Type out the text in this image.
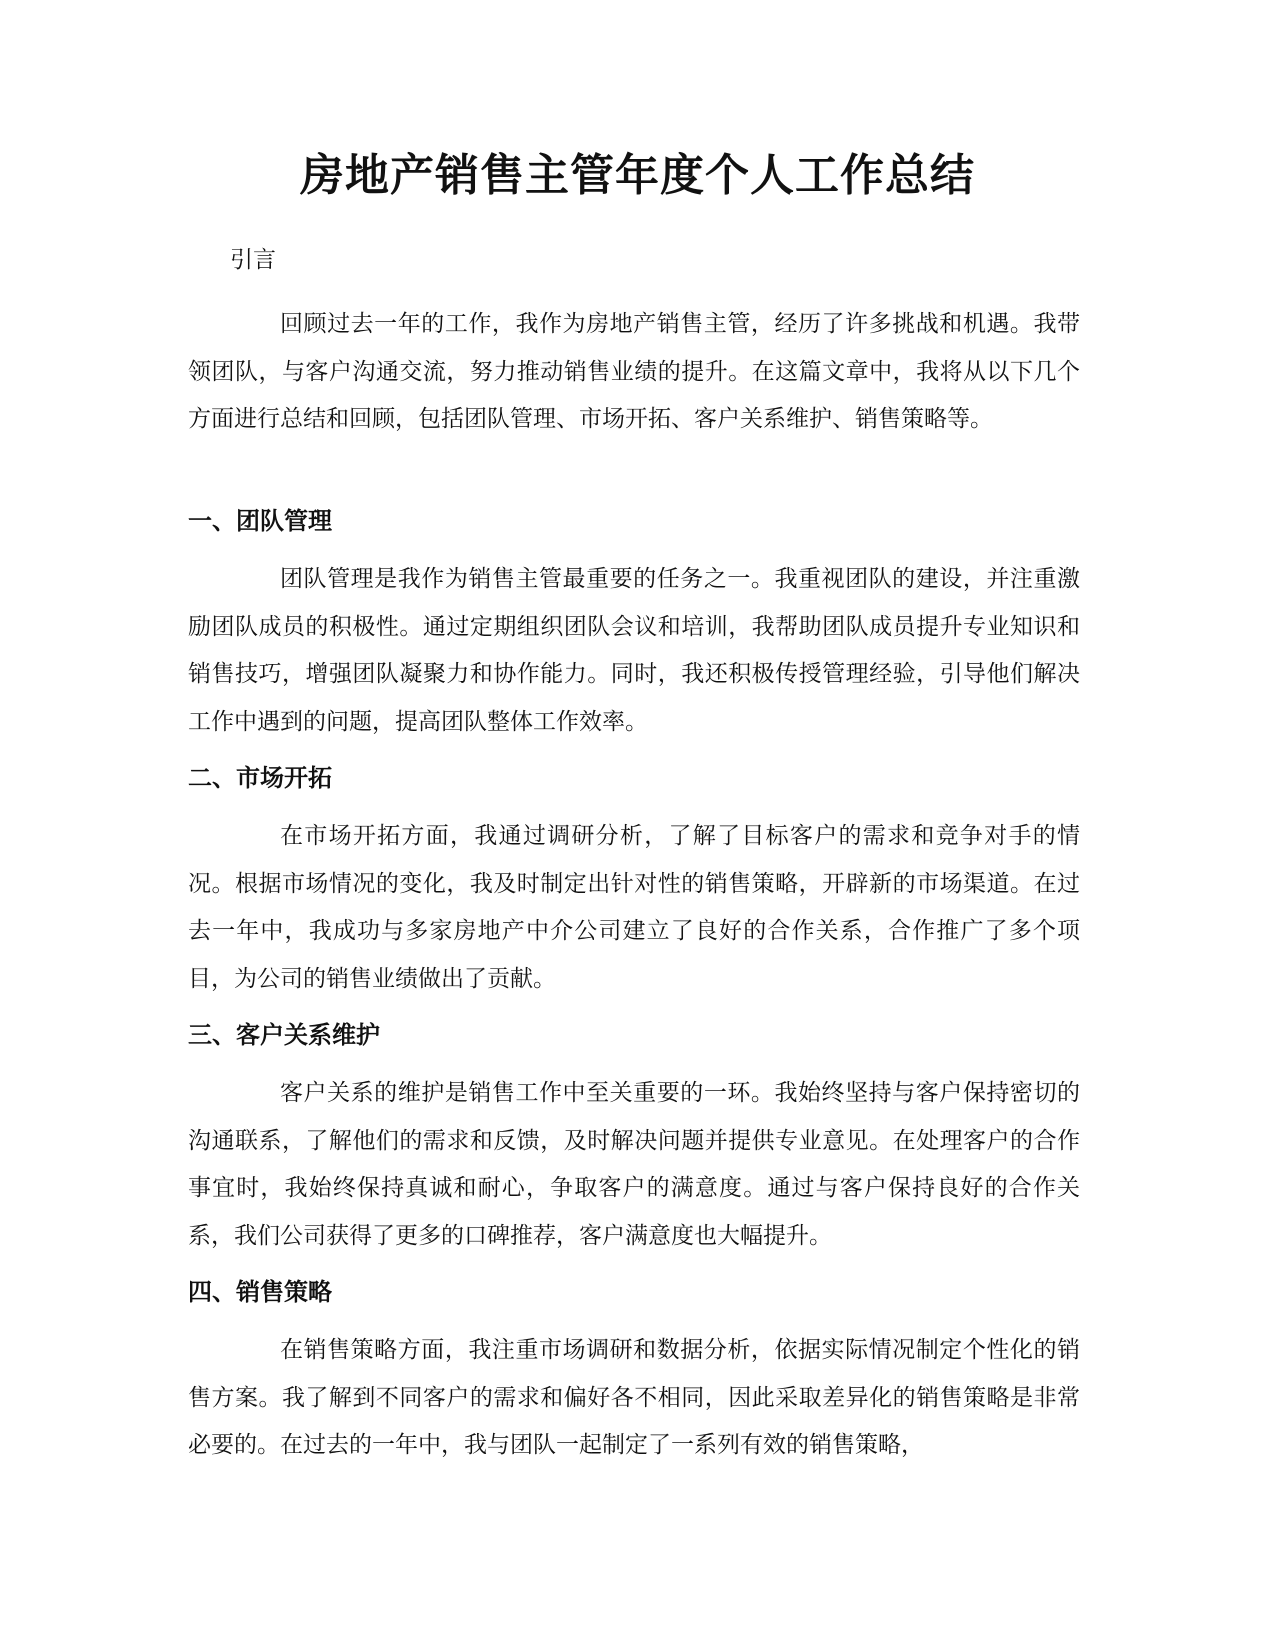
房地产销售主管年度个人工作总结

引言

回顾过去一年的工作，我作为房地产销售主管，经历了许多挑战和机遇。我带领团队，与客户沟通交流，努力推动销售业绩的提升。在这篇文章中，我将从以下几个方面进行总结和回顾，包括团队管理、市场开拓、客户关系维护、销售策略等。

一、团队管理

团队管理是我作为销售主管最重要的任务之一。我重视团队的建设，并注重激励团队成员的积极性。通过定期组织团队会议和培训，我帮助团队成员提升专业知识和销售技巧，增强团队凝聚力和协作能力。同时，我还积极传授管理经验，引导他们解决工作中遇到的问题，提高团队整体工作效率。

二、市场开拓

在市场开拓方面，我通过调研分析，了解了目标客户的需求和竞争对手的情况。根据市场情况的变化，我及时制定出针对性的销售策略，开辟新的市场渠道。在过去一年中，我成功与多家房地产中介公司建立了良好的合作关系，合作推广了多个项目，为公司的销售业绩做出了贡献。

三、客户关系维护

客户关系的维护是销售工作中至关重要的一环。我始终坚持与客户保持密切的沟通联系，了解他们的需求和反馈，及时解决问题并提供专业意见。在处理客户的合作事宜时，我始终保持真诚和耐心，争取客户的满意度。通过与客户保持良好的合作关系，我们公司获得了更多的口碑推荐，客户满意度也大幅提升。

四、销售策略

在销售策略方面，我注重市场调研和数据分析，依据实际情况制定个性化的销售方案。我了解到不同客户的需求和偏好各不相同，因此采取差异化的销售策略是非常必要的。在过去的一年中，我与团队一起制定了一系列有效的销售策略，
